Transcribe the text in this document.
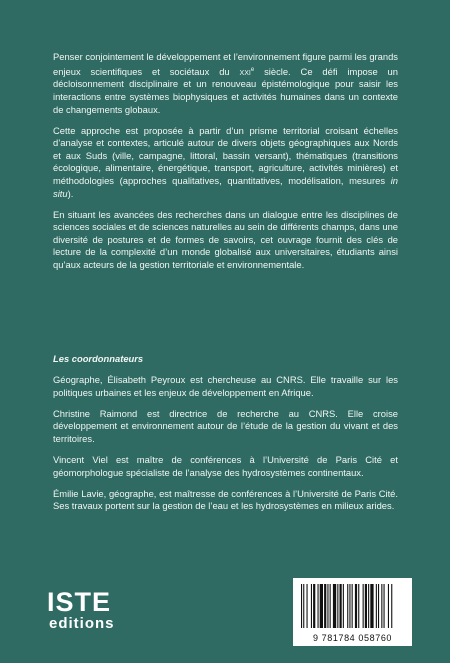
Penser conjointement le développement et l’environnement figure parmi les grands enjeux scientifiques et sociétaux du xxi$^e$ siècle. Ce défi impose un décloisonnement disciplinaire et un renouveau épistémologique pour saisir les interactions entre systèmes biophysiques et activités humaines dans un contexte de changements globaux.

Cette approche est proposée à partir d’un prisme territorial croisant échelles d’analyse et contextes, articulé autour de divers objets géographiques aux Nords et aux Suds (ville, campagne, littoral, bassin versant), thématiques (transitions écologique, alimentaire, énergétique, transport, agriculture, activités minières) et méthodologies (approches qualitatives, quantitatives, modélisation, mesures in situ).

En situant les avancées des recherches dans un dialogue entre les disciplines de sciences sociales et de sciences naturelles au sein de différents champs, dans une diversité de postures et de formes de savoirs, cet ouvrage fournit des clés de lecture de la complexité d’un monde globalisé aux universitaires, étudiants ainsi qu’aux acteurs de la gestion territoriale et environnementale.

Les coordonnateurs

Géographe, Élisabeth Peyroux est chercheuse au CNRS. Elle travaille sur les politiques urbaines et les enjeux de développement en Afrique.

Christine Raimond est directrice de recherche au CNRS. Elle croise développement et environnement autour de l’étude de la gestion du vivant et des territoires.

Vincent Viel est maître de conférences à l’Université de Paris Cité et géomorphologue spécialiste de l’analyse des hydrosystèmes continentaux.

Émilie Lavie, géographe, est maîtresse de conférences à l’Université de Paris Cité. Ses travaux portent sur la gestion de l’eau et les hydrosystèmes en milieux arides.

ISTE
editions
9 781784 058760
